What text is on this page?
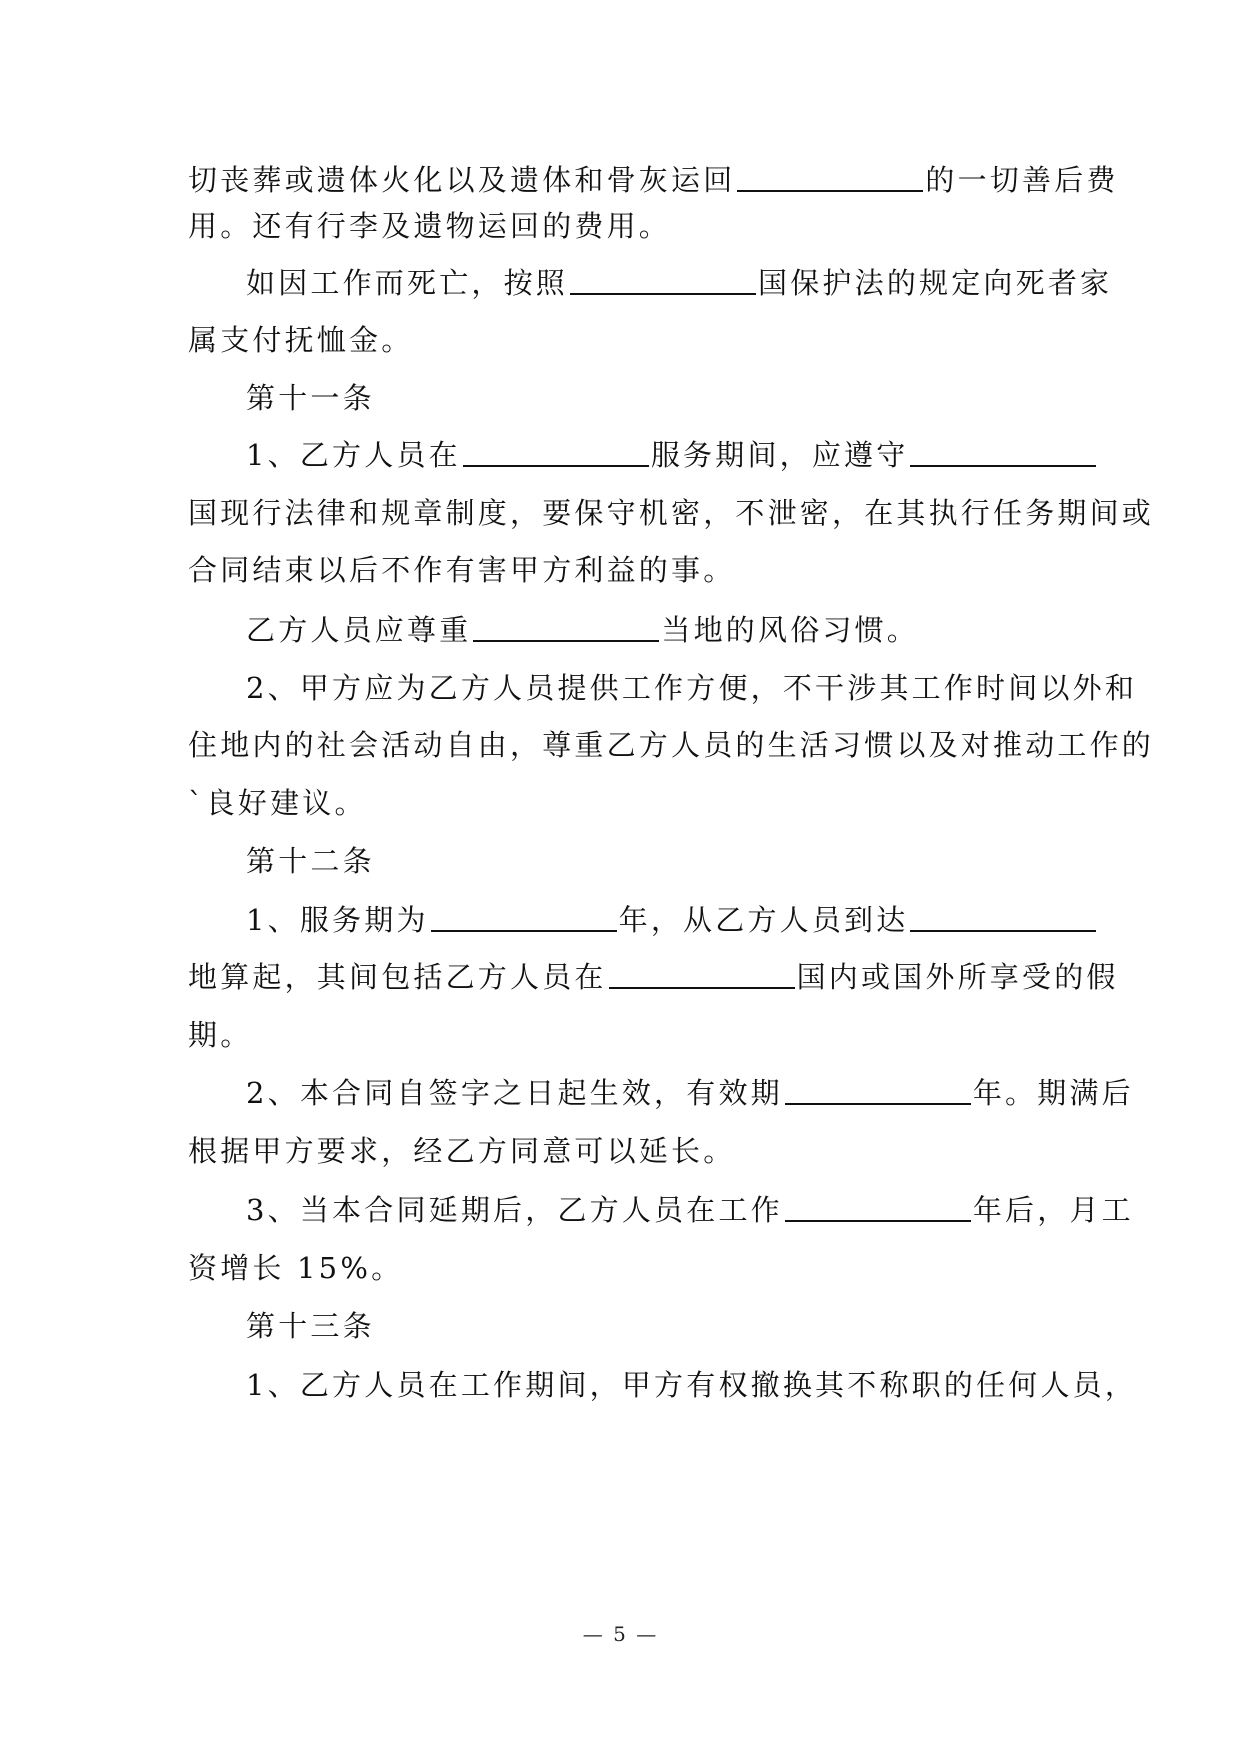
切丧葬或遗体火化以及遗体和骨灰运回	的一切善后费
用。还有行李及遗物运回的费用。
如因工作而死亡，按照	国保护法的规定向死者家
属支付抚恤金。
第十一条
1、乙方人员在	服务期间，应遵守
国现行法律和规章制度，要保守机密，不泄密，在其执行任务期间或
合同结束以后不作有害甲方利益的事。
乙方人员应尊重	当地的风俗习惯。
2、甲方应为乙方人员提供工作方便，不干涉其工作时间以外和
住地内的社会活动自由，尊重乙方人员的生活习惯以及对推动工作的
`良好建议。
第十二条
1、服务期为	年，从乙方人员到达
地算起，其间包括乙方人员在	国内或国外所享受的假
期。
2、本合同自签字之日起生效，有效期	年。期满后
根据甲方要求，经乙方同意可以延长。
3、当本合同延期后，乙方人员在工作	年后，月工
资增长 15%。
第十三条
1、乙方人员在工作期间，甲方有权撤换其不称职的任何人员，
— 5 —
